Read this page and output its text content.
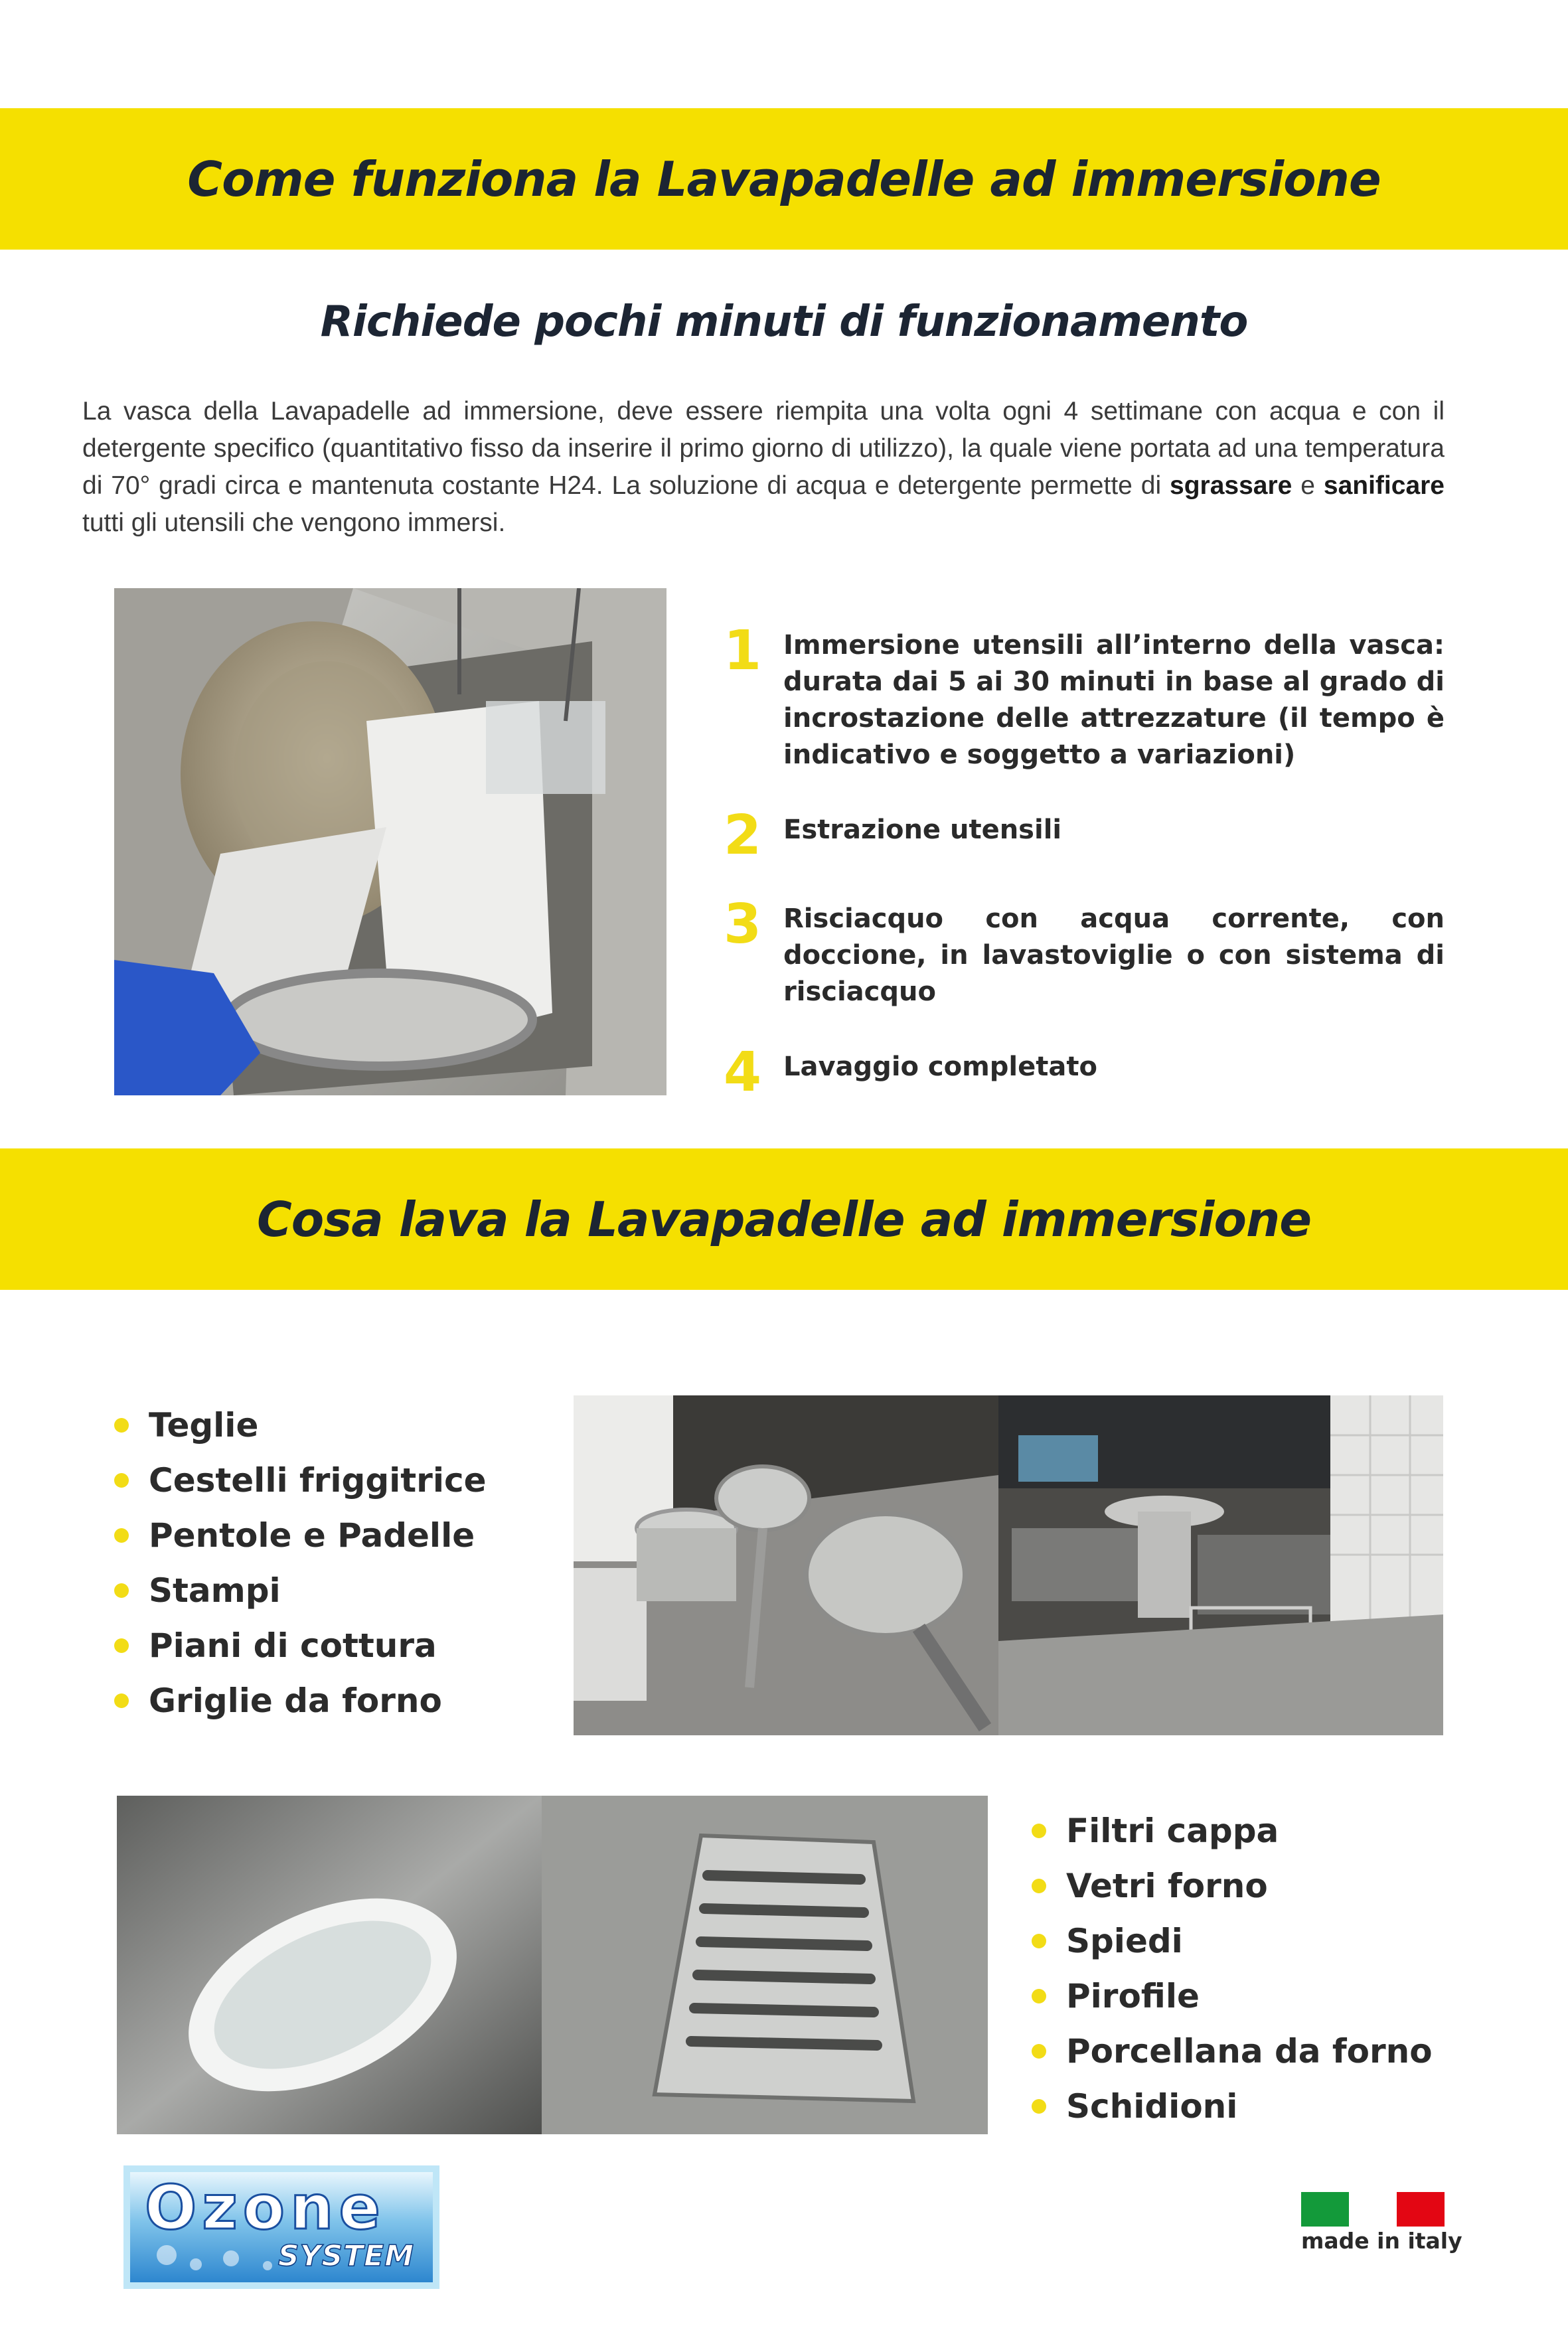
Come funziona la Lavapadelle ad immersione
Richiede pochi minuti di funzionamento

La vasca della Lavapadelle ad immersione, deve essere riempita una volta ogni 4 settimane con acqua e con il detergente specifico (quantitativo fisso da inserire il primo giorno di utilizzo), la quale viene portata ad una temperatura di 70° gradi circa e mantenuta costante H24. La soluzione di acqua e detergente permette di sgrassare e sanificare tutti gli utensili che vengono immersi.

1 Immersione utensili all’interno della vasca: durata dai 5 ai 30 minuti in base al grado di incrostazione delle attrezzature (il tempo è indicativo e soggetto a variazioni)
2 Estrazione utensili
3 Risciacquo con acqua corrente, con doccione, in lavastoviglie o con sistema di risciacquo
4 Lavaggio completato
Cosa lava la Lavapadelle ad immersione
Teglie
Cestelli friggitrice
Pentole e Padelle
Stampi
Piani di cottura
Griglie da forno
Filtri cappa
Vetri forno
Spiedi
Pirofile
Porcellana da forno
Schidioni
Ozone
SYSTEM	made in italy
